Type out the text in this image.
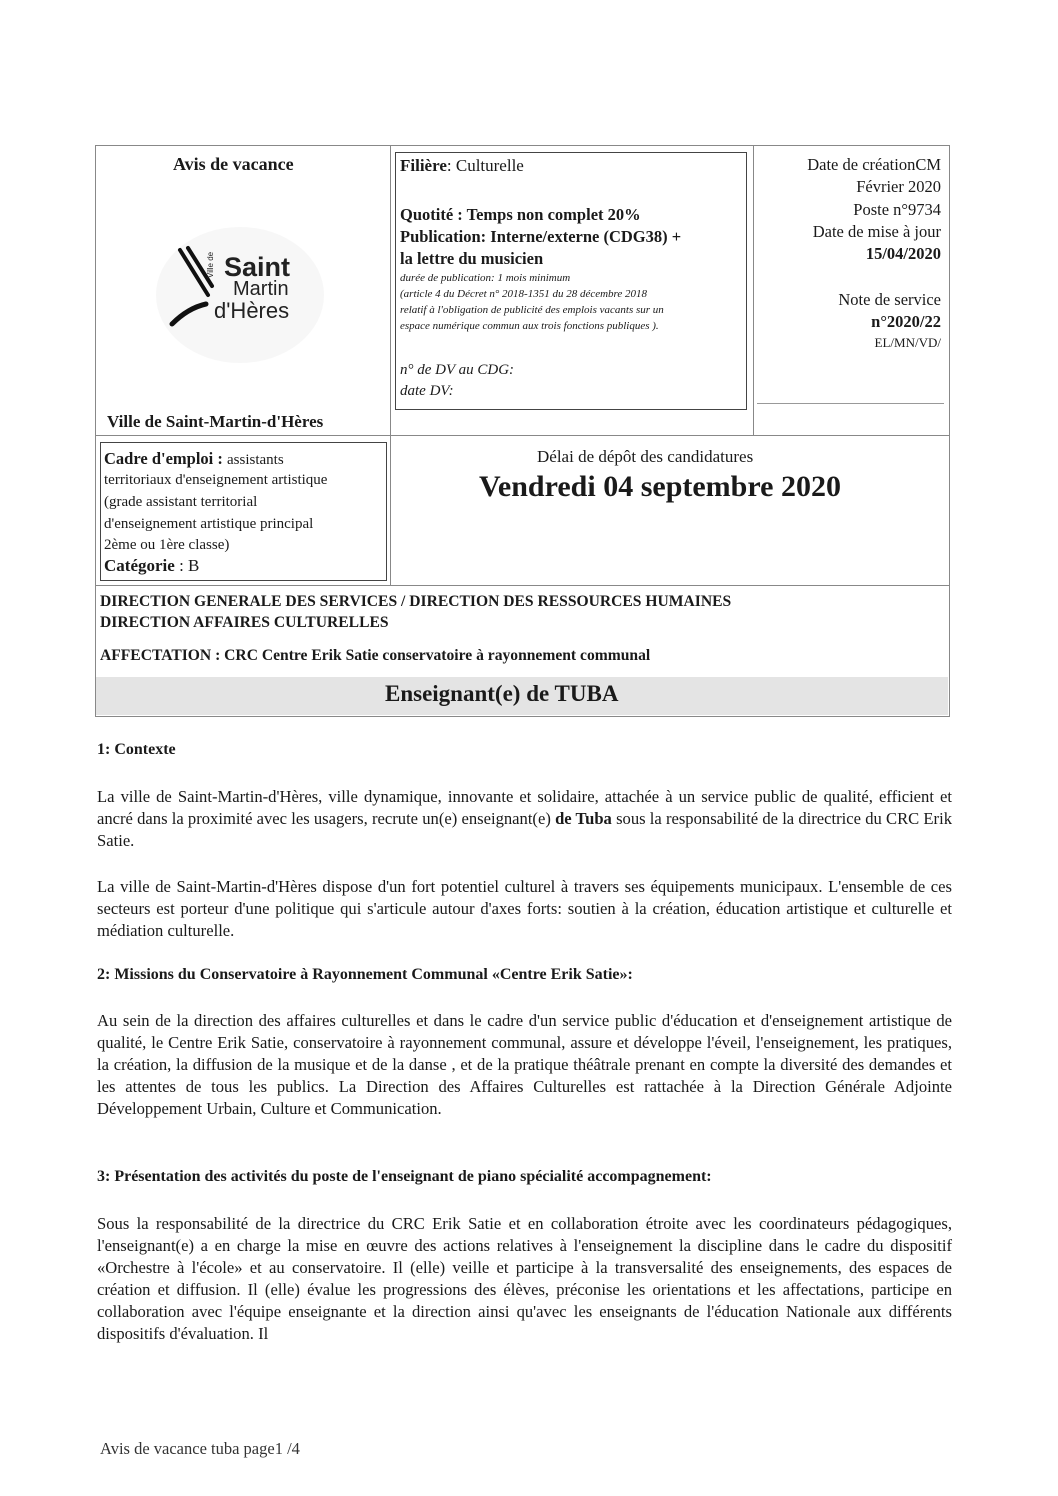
Avis de vacance
Ville de Saint
Martin
d'Hères
Ville de Saint-Martin-d'Hères
Filière: Culturelle
Quotité : Temps non complet 20%
Publication: Interne/externe (CDG38) +
la lettre du musicien
durée de publication: 1 mois minimum
(article 4 du Décret n° 2018-1351 du 28 décembre 2018
relatif à l'obligation de publicité des emplois vacants sur un
espace numérique commun aux trois fonctions publiques ).
n° de DV au CDG:
date DV:
Date de créationCM
Février 2020
Poste n°9734
Date de mise à jour
15/04/2020
Note de service
n°2020/22
EL/MN/VD/
Cadre d'emploi : assistants
territoriaux d'enseignement artistique
(grade assistant territorial
d'enseignement artistique principal
2ème ou 1ère classe)
Catégorie : B
Délai de dépôt des candidatures
Vendredi 04 septembre 2020
DIRECTION GENERALE DES SERVICES / DIRECTION DES RESSOURCES HUMAINES
DIRECTION AFFAIRES CULTURELLES
AFFECTATION : CRC Centre Erik Satie conservatoire à rayonnement communal
Enseignant(e) de TUBA
1: Contexte

La ville de Saint-Martin-d'Hères, ville dynamique, innovante et solidaire, attachée à un service public de qualité, efficient et ancré dans la proximité avec les usagers, recrute un(e) enseignant(e) de Tuba sous la responsabilité de la directrice du CRC Erik Satie.

La ville de Saint-Martin-d'Hères dispose d'un fort potentiel culturel à travers ses équipements municipaux. L'ensemble de ces secteurs est porteur d'une politique qui s'articule autour d'axes forts: soutien à la création, éducation artistique et culturelle et médiation culturelle.

2: Missions du Conservatoire à Rayonnement Communal «Centre Erik Satie»:

Au sein de la direction des affaires culturelles et dans le cadre d'un service public d'éducation et d'enseignement artistique de qualité, le Centre Erik Satie, conservatoire à rayonnement communal, assure et développe l'éveil, l'enseignement, les pratiques, la création, la diffusion de la musique et de la danse , et de la pratique théâtrale prenant en compte la diversité des demandes et les attentes de tous les publics. La Direction des Affaires Culturelles est rattachée à la Direction Générale Adjointe Développement Urbain, Culture et Communication.

3: Présentation des activités du poste de l'enseignant de piano spécialité accompagnement:

Sous la responsabilité de la directrice du CRC Erik Satie et en collaboration étroite avec les coordinateurs pédagogiques, l'enseignant(e) a en charge la mise en œuvre des actions relatives à l'enseignement la discipline dans le cadre du dispositif «Orchestre à l'école» et au conservatoire. Il (elle) veille et participe à la transversalité des enseignements, des espaces de création et diffusion. Il (elle) évalue les progressions des élèves, préconise les orientations et les affectations, participe en collaboration avec l'équipe enseignante et la direction ainsi qu'avec les enseignants de l'éducation Nationale aux différents dispositifs d'évaluation. Il

Avis de vacance tuba page1 /4
